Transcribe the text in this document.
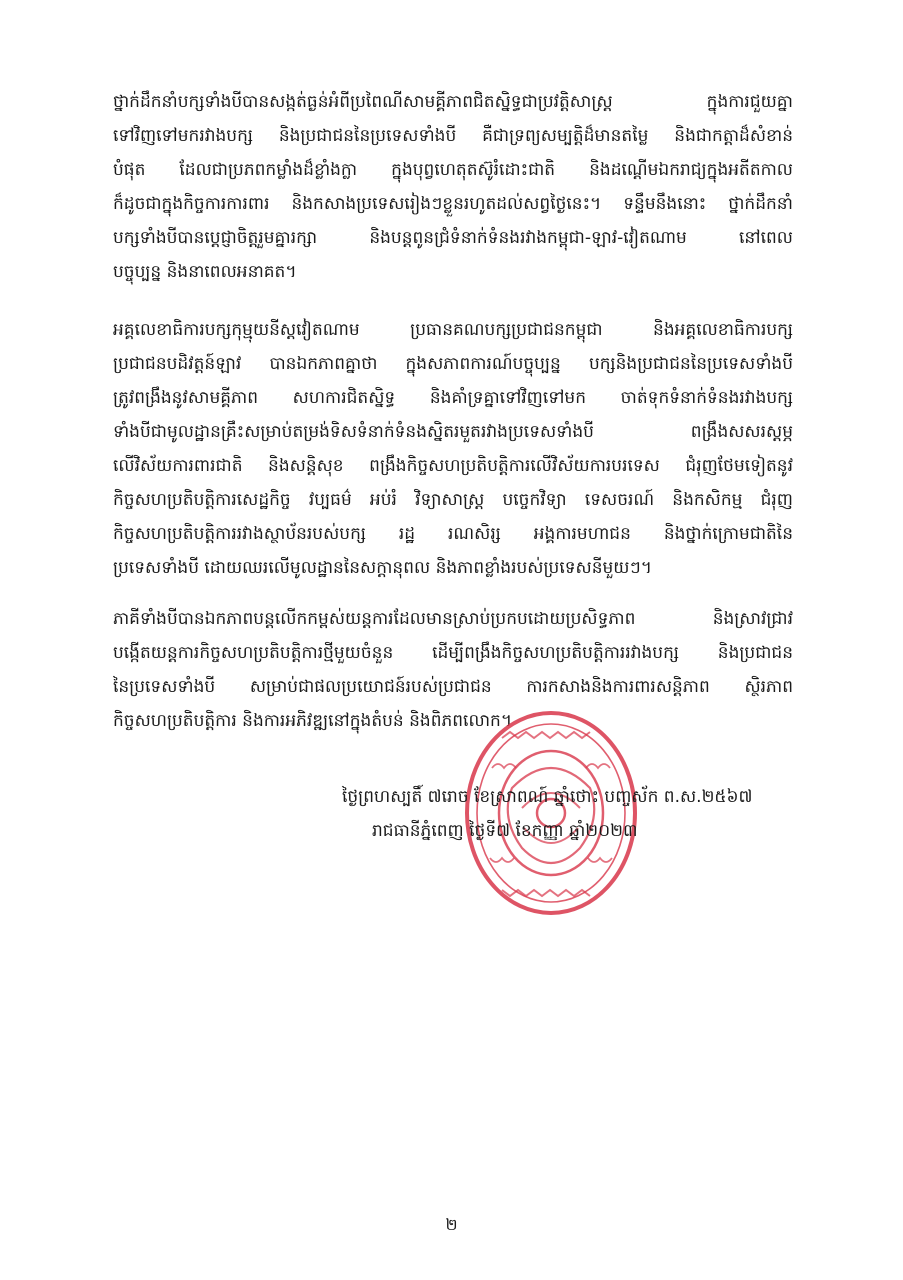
ថ្នាក់ដឹកនាំបក្សទាំងបីបានសង្កត់ធ្ងន់អំពីប្រពៃណីសាមគ្គីភាពជិតស្និទ្ធជាប្រវត្តិសាស្ត្រ ក្នុងការជួយគ្នា
ទៅវិញទៅមករវាងបក្ស និងប្រជាជននៃប្រទេសទាំងបី គឺជាទ្រព្យសម្បត្តិដ៏មានតម្លៃ និងជាកត្តាដ៏សំខាន់
បំផុត ដែលជាប្រភពកម្លាំងដ៏ខ្លាំងក្លា ក្នុងបុព្វហេតុតស៊ូរំដោះជាតិ និងដណ្ដើមឯករាជ្យក្នុងអតីតកាល
ក៏ដូចជាក្នុងកិច្ចការការពារ និងកសាងប្រទេសរៀងៗខ្លួនរហូតដល់សព្វថ្ងៃនេះ។ ទន្ទឹមនឹងនោះ ថ្នាក់ដឹកនាំ
បក្សទាំងបីបានប្ដេជ្ញាចិត្តរួមគ្នារក្សា និងបន្តពូនជ្រំទំនាក់ទំនងរវាងកម្ពុជា-ឡាវ-វៀតណាម នៅពេល
បច្ចុប្បន្ន និងនាពេលអនាគត។
អគ្គលេខាធិការបក្សកុម្មុយនីស្តវៀតណាម ប្រធានគណបក្សប្រជាជនកម្ពុជា និងអគ្គលេខាធិការបក្ស
ប្រជាជនបដិវត្តន៍ឡាវ បានឯកភាពគ្នាថា ក្នុងសភាពការណ៍បច្ចុប្បន្ន បក្សនិងប្រជាជននៃប្រទេសទាំងបី
ត្រូវពង្រឹងនូវសាមគ្គីភាព សហការជិតស្និទ្ធ និងគាំទ្រគ្នាទៅវិញទៅមក ចាត់ទុកទំនាក់ទំនងរវាងបក្ស
ទាំងបីជាមូលដ្ឋានគ្រឹះសម្រាប់តម្រង់ទិសទំនាក់ទំនងស្និតរមួតរវាងប្រទេសទាំងបី ពង្រឹងសសរស្តម្ភ
លើវិស័យការពារជាតិ និងសន្តិសុខ ពង្រឹងកិច្ចសហប្រតិបត្តិការលើវិស័យការបរទេស ជំរុញថែមទៀតនូវ
កិច្ចសហប្រតិបត្តិការសេដ្ឋកិច្ច វប្បធម៌ អប់រំ វិទ្យាសាស្ត្រ បច្ចេកវិទ្យា ទេសចរណ៍ និងកសិកម្ម ជំរុញ
កិច្ចសហប្រតិបត្តិការរវាងស្ថាប័នរបស់បក្ស រដ្ឋ រណសិរ្ស អង្គការមហាជន និងថ្នាក់ក្រោមជាតិនៃ
ប្រទេសទាំងបី ដោយឈរលើមូលដ្ឋាននៃសក្ដានុពល និងភាពខ្លាំងរបស់ប្រទេសនីមួយៗ។
ភាគីទាំងបីបានឯកភាពបន្តលើកកម្ពស់យន្តការដែលមានស្រាប់ប្រកបដោយប្រសិទ្ធភាព និងស្រាវជ្រាវ
បង្កើតយន្តការកិច្ចសហប្រតិបត្តិការថ្មីមួយចំនួន ដើម្បីពង្រឹងកិច្ចសហប្រតិបត្តិការរវាងបក្ស និងប្រជាជន
នៃប្រទេសទាំងបី សម្រាប់ជាផលប្រយោជន៍របស់ប្រជាជន ការកសាងនិងការពារសន្តិភាព ស្ថិរភាព
កិច្ចសហប្រតិបត្តិការ និងការអភិវឌ្ឍនៅក្នុងតំបន់ និងពិភពលោក។
ថ្ងៃព្រហស្បតិ៍ ៧រោច ខែស្រាពណ៍ ឆ្នាំថោះ បញ្ចស័ក ព.ស.២៥៦៧
រាជធានីភ្នំពេញ ថ្ងៃទី៧ ខែកញ្ញា ឆ្នាំ២០២៣
២
